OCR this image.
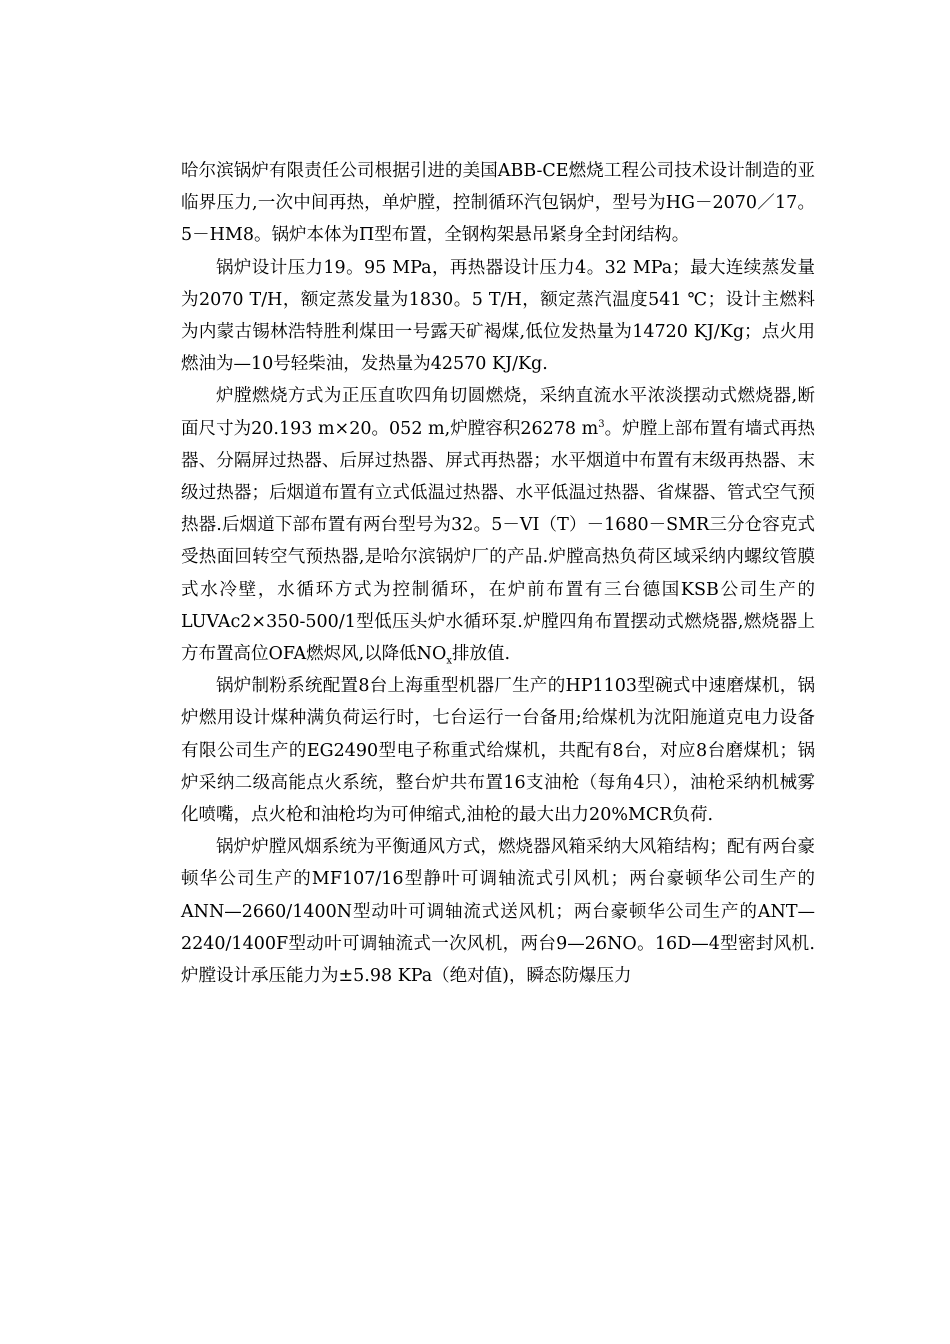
哈尔滨锅炉有限责任公司根据引进的美国ABB-CE燃烧工程公司技术设计制造的亚临界压力,一次中间再热，单炉膛，控制循环汽包锅炉，型号为HG－2070／17。5－HM8。锅炉本体为Π型布置，全钢构架悬吊紧身全封闭结构。

锅炉设计压力19。95 MPa，再热器设计压力4。32 MPa；最大连续蒸发量为2070 T/H，额定蒸发量为1830。5 T/H，额定蒸汽温度541 ℃；设计主燃料为内蒙古锡林浩特胜利煤田一号露天矿褐煤,低位发热量为14720 KJ/Kg；点火用燃油为—10号轻柴油，发热量为42570 KJ/Kg.

炉膛燃烧方式为正压直吹四角切圆燃烧，采纳直流水平浓淡摆动式燃烧器,断面尺寸为20.193 m×20。052 m,炉膛容积26278 $m^3$。炉膛上部布置有墙式再热器、分隔屏过热器、后屏过热器、屏式再热器；水平烟道中布置有末级再热器、末级过热器；后烟道布置有立式低温过热器、水平低温过热器、省煤器、管式空气预热器.后烟道下部布置有两台型号为32。5－VI（T）－1680－SMR三分仓容克式受热面回转空气预热器,是哈尔滨锅炉厂的产品.炉膛高热负荷区域采纳内螺纹管膜式水冷壁，水循环方式为控制循环，在炉前布置有三台德国KSB公司生产的LUVAc2×350-500/1型低压头炉水循环泵.炉膛四角布置摆动式燃烧器,燃烧器上方布置高位OFA燃烬风,以降低$NO_x$排放值.

锅炉制粉系统配置8台上海重型机器厂生产的HP1103型碗式中速磨煤机，锅炉燃用设计煤种满负荷运行时，七台运行一台备用;给煤机为沈阳施道克电力设备有限公司生产的EG2490型电子称重式给煤机，共配有8台，对应8台磨煤机；锅炉采纳二级高能点火系统，整台炉共布置16支油枪（每角4只），油枪采纳机械雾化喷嘴，点火枪和油枪均为可伸缩式,油枪的最大出力20%MCR负荷.

锅炉炉膛风烟系统为平衡通风方式，燃烧器风箱采纳大风箱结构；配有两台豪顿华公司生产的MF107/16型静叶可调轴流式引风机；两台豪顿华公司生产的ANN—2660/1400N型动叶可调轴流式送风机；两台豪顿华公司生产的ANT—2240/1400F型动叶可调轴流式一次风机，两台9—26NO。16D—4型密封风机.炉膛设计承压能力为±5.98 KPa（绝对值)，瞬态防爆压力
